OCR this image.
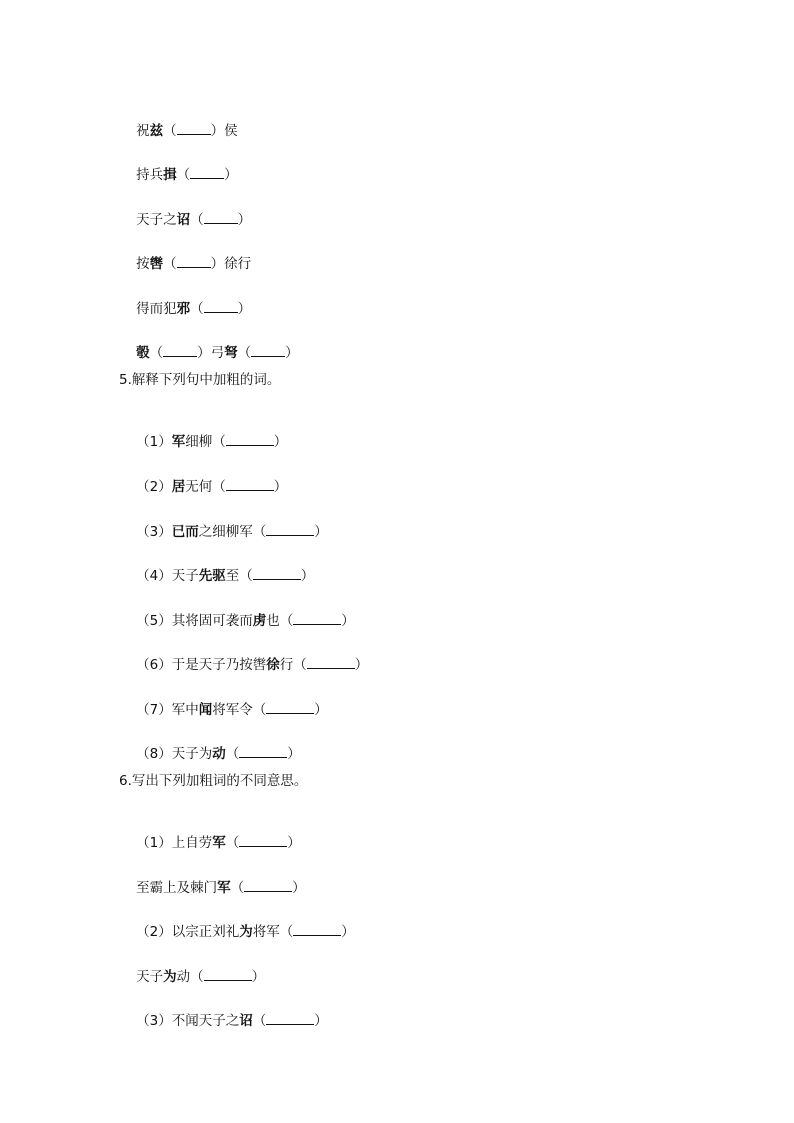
祝兹（	）侯

持兵揖（	）

天子之诏（	）

按辔（	）徐行

得而犯邪（	）

彀（	）弓弩（	）

5.解释下列句中加粗的词。

（1）军细柳（	）

（2）居无何（	）

（3）已而之细柳军（	）

（4）天子先驱至（	）

（5）其将固可袭而虏也（	）

（6）于是天子乃按辔徐行（	）

（7）军中闻将军令（	）

（8）天子为动（	）

6.写出下列加粗词的不同意思。

（1）上自劳军（	）

至霸上及棘门军（	）

（2）以宗正刘礼为将军（	）

天子为动（	）

（3）不闻天子之诏（	）
